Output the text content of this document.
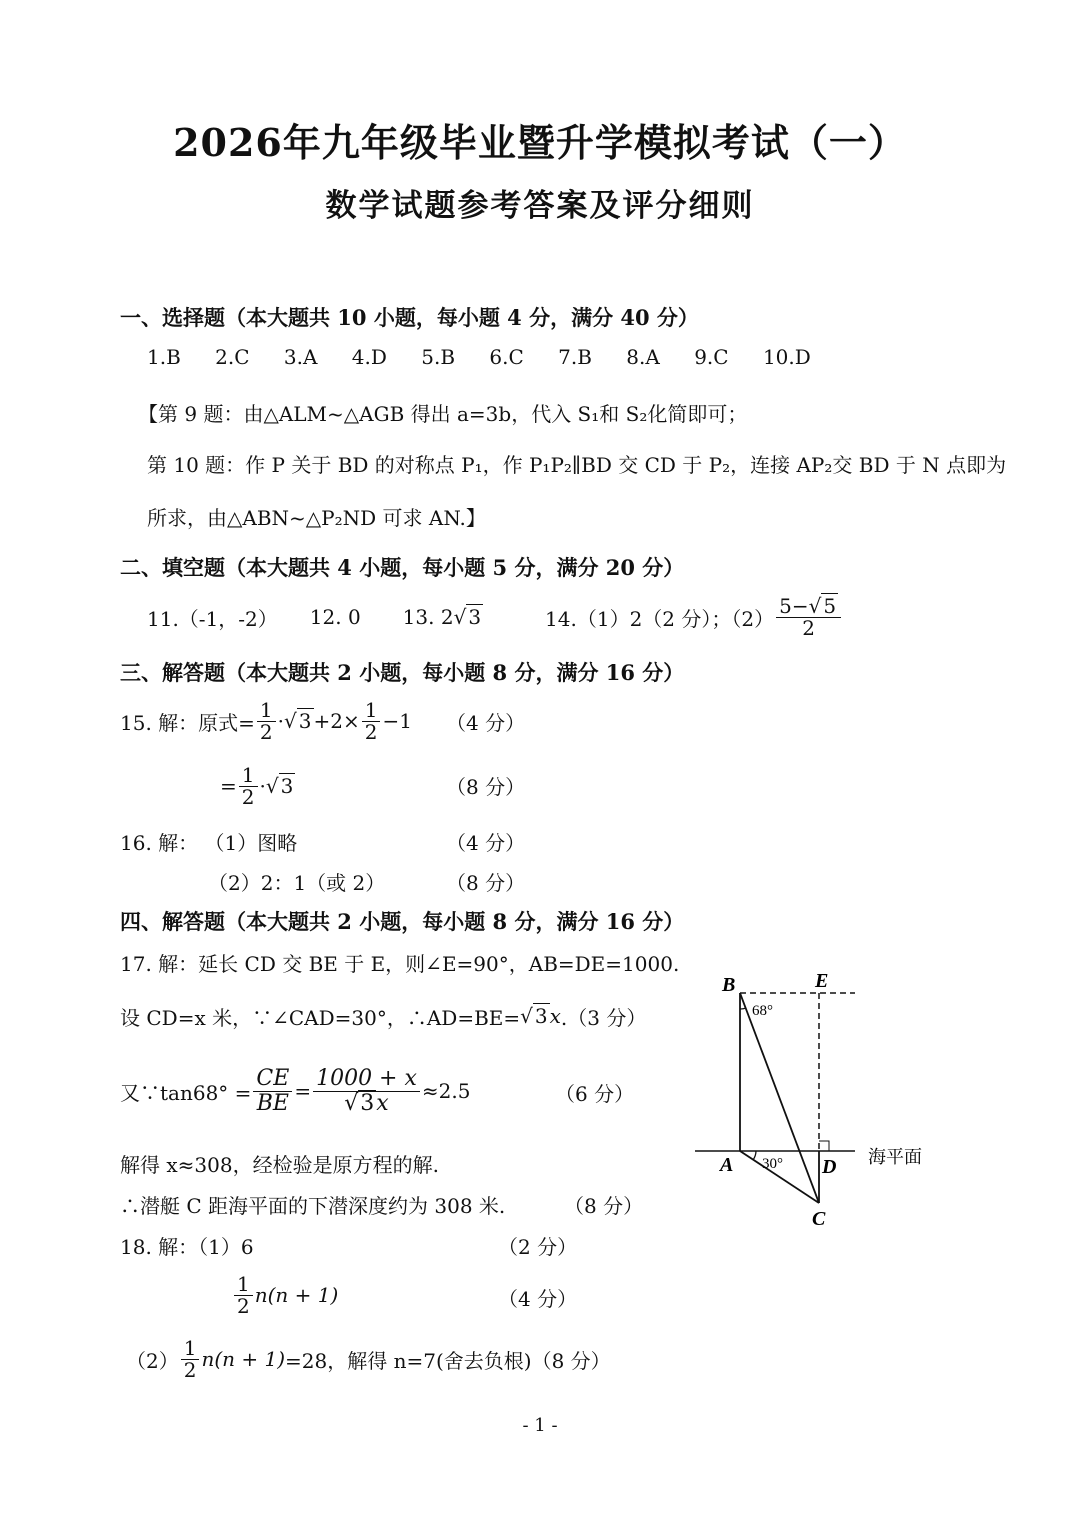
2026年九年级毕业暨升学模拟考试（一）
数学试题参考答案及评分细则
一、选择题（本大题共 10 小题，每小题 4 分，满分 40 分）
1.B 2.C 3.A 4.D 5.B 6.C 7.B 8.A 9.C 10.D
【第 9 题：由△ALM~△AGB 得出 a=3b，代入 S₁和 S₂化简即可；
第 10 题：作 P 关于 BD 的对称点 P₁，作 P₁P₂∥BD 交 CD 于 P₂，连接 AP₂交 BD 于 N 点即为
所求，由△ABN~△P₂ND 可求 AN.】
二、填空题（本大题共 4 小题，每小题 5 分，满分 20 分）
11.（-1，-2） 12. 0 13. 2√ 3	14.（1）2（2 分）；$(2) \frac{5-√ 5}{2}$
三、解答题（本大题共 2 小题，每小题 8 分，满分 16 分）
15. 解：原式= $\frac{1}{2}$ · √ $3 +2\times \frac{1}{2} -1$ （4 分）
= $\frac{1}{2}$ · √ 3	（8 分）
16. 解： （1）图略	（4 分）
（2）2：1（或 2）	（8 分）
四、解答题（本大题共 2 小题，每小题 8 分，满分 16 分）
17. 解：延长 CD 交 BE 于 E，则∠E=90°，AB=DE=1000.
设 CD=x 米，∵∠CAD=30°，∴AD=BE= √ 3 x .（3 分）
又∵tan68° = $\frac{CE}{BE} = \frac{1000 + x}{√3x} \approx 2.5$	（6 分）
解得 x≈308，经检验是原方程的解.
∴潜艇 C 距海平面的下潜深度约为 308 米.	（8 分）
18. 解：（1）6	（2 分）
$\frac{1}{2} n(n + 1)$	（4 分）
$(2) \frac{1}{2} n(n + 1) =28$，解得 n=7(舍去负根)（8 分）
B	E
68°
A 30° D
C
海平面
- 1 -
